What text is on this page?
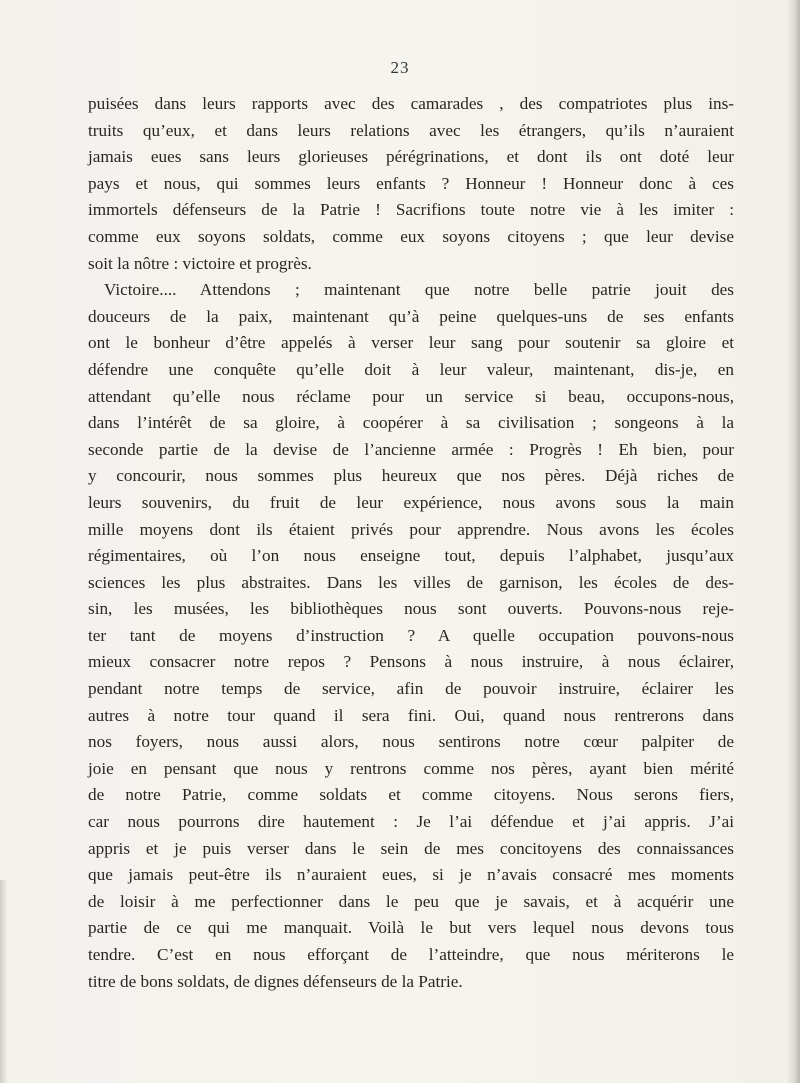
23
puisées dans leurs rapports avec des camarades , des compatriotes plus ins-
truits qu’eux, et dans leurs relations avec les étrangers, qu’ils n’auraient
jamais eues sans leurs glorieuses pérégrinations, et dont ils ont doté leur
pays et nous, qui sommes leurs enfants ? Honneur ! Honneur donc à ces
immortels défenseurs de la Patrie ! Sacrifions toute notre vie à les imiter :
comme eux soyons soldats, comme eux soyons citoyens ; que leur devise
soit la nôtre : victoire et progrès.
Victoire.... Attendons ; maintenant que notre belle patrie jouit des
douceurs de la paix, maintenant qu’à peine quelques-uns de ses enfants
ont le bonheur d’être appelés à verser leur sang pour soutenir sa gloire et
défendre une conquête qu’elle doit à leur valeur, maintenant, dis-je, en
attendant qu’elle nous réclame pour un service si beau, occupons-nous,
dans l’intérêt de sa gloire, à coopérer à sa civilisation ; songeons à la
seconde partie de la devise de l’ancienne armée : Progrès ! Eh bien, pour
y concourir, nous sommes plus heureux que nos pères. Déjà riches de
leurs souvenirs, du fruit de leur expérience, nous avons sous la main
mille moyens dont ils étaient privés pour apprendre. Nous avons les écoles
régimentaires, où l’on nous enseigne tout, depuis l’alphabet, jusqu’aux
sciences les plus abstraites. Dans les villes de garnison, les écoles de des-
sin, les musées, les bibliothèques nous sont ouverts. Pouvons-nous reje-
ter tant de moyens d’instruction ? A quelle occupation pouvons-nous
mieux consacrer notre repos ? Pensons à nous instruire, à nous éclairer,
pendant notre temps de service, afin de pouvoir instruire, éclairer les
autres à notre tour quand il sera fini. Oui, quand nous rentrerons dans
nos foyers, nous aussi alors, nous sentirons notre cœur palpiter de
joie en pensant que nous y rentrons comme nos pères, ayant bien mérité
de notre Patrie, comme soldats et comme citoyens. Nous serons fiers,
car nous pourrons dire hautement : Je l’ai défendue et j’ai appris. J’ai
appris et je puis verser dans le sein de mes concitoyens des connaissances
que jamais peut-être ils n’auraient eues, si je n’avais consacré mes moments
de loisir à me perfectionner dans le peu que je savais, et à acquérir une
partie de ce qui me manquait. Voilà le but vers lequel nous devons tous
tendre. C’est en nous efforçant de l’atteindre, que nous mériterons le
titre de bons soldats, de dignes défenseurs de la Patrie.
